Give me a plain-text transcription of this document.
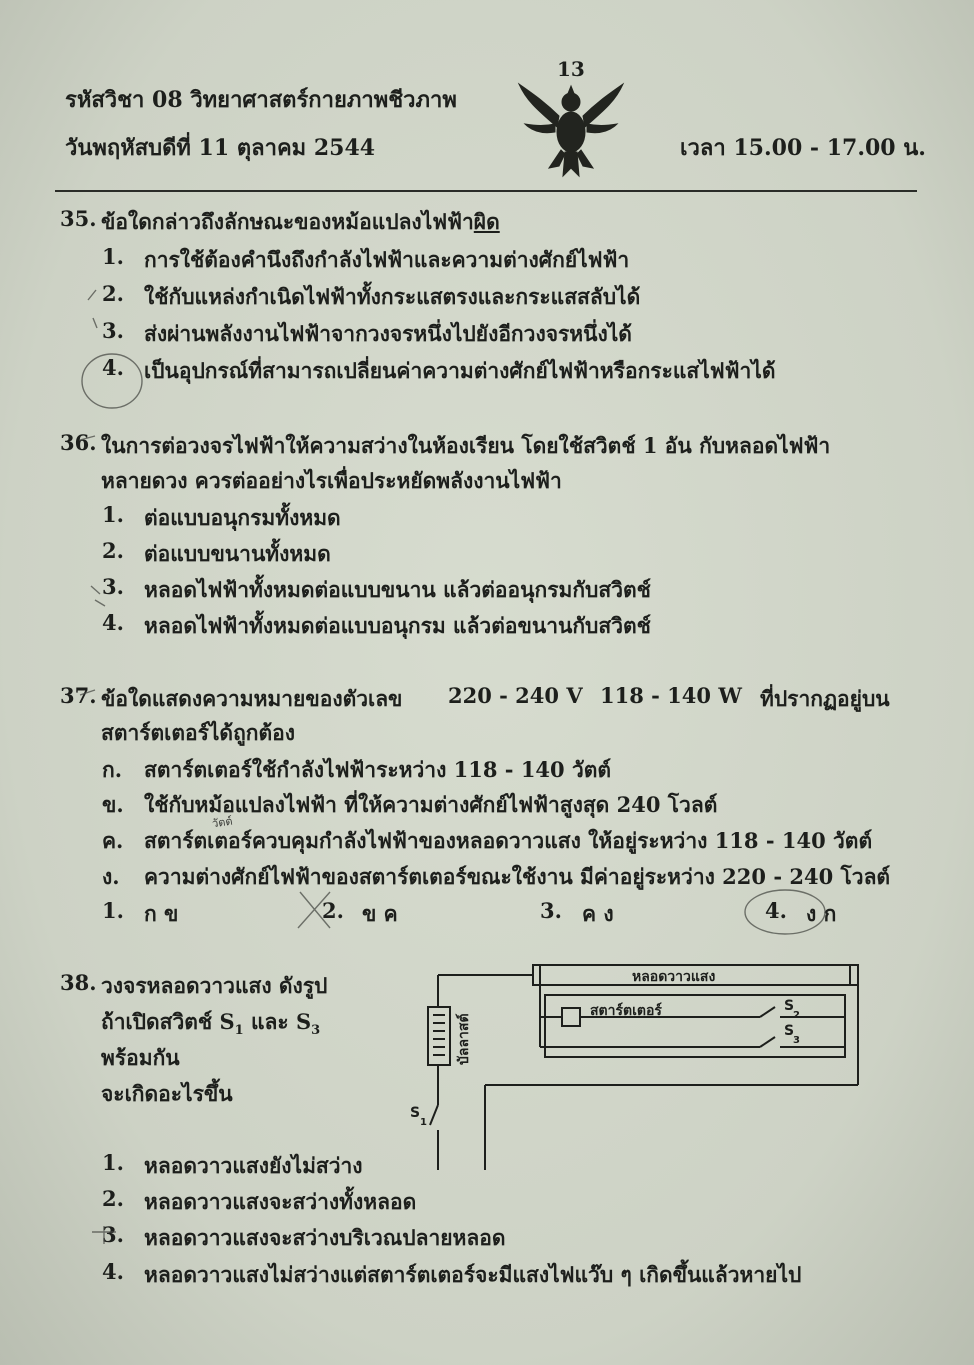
13
รหัสวิชา 08 วิทยาศาสตร์กายภาพชีวภาพ
วันพฤหัสบดีที่ 11 ตุลาคม 2544	เวลา 15.00 - 17.00 น.
35. ข้อใดกล่าวถึงลักษณะของหม้อแปลงไฟฟ้าผิด
1. การใช้ต้องคำนึงถึงกำลังไฟฟ้าและความต่างศักย์ไฟฟ้า
2. ใช้กับแหล่งกำเนิดไฟฟ้าทั้งกระแสตรงและกระแสสลับได้
3. ส่งผ่านพลังงานไฟฟ้าจากวงจรหนึ่งไปยังอีกวงจรหนึ่งได้
4. เป็นอุปกรณ์ที่สามารถเปลี่ยนค่าความต่างศักย์ไฟฟ้าหรือกระแสไฟฟ้าได้
36. ในการต่อวงจรไฟฟ้าให้ความสว่างในห้องเรียน โดยใช้สวิตช์ 1 อัน กับหลอดไฟฟ้า
หลายดวง ควรต่ออย่างไรเพื่อประหยัดพลังงานไฟฟ้า
1. ต่อแบบอนุกรมทั้งหมด
2. ต่อแบบขนานทั้งหมด
3. หลอดไฟฟ้าทั้งหมดต่อแบบขนาน แล้วต่ออนุกรมกับสวิตช์
4. หลอดไฟฟ้าทั้งหมดต่อแบบอนุกรม แล้วต่อขนานกับสวิตช์
37. ข้อใดแสดงความหมายของตัวเลข 220 - 240 V 118 - 140 W ที่ปรากฏอยู่บน
สตาร์ตเตอร์ได้ถูกต้อง
ก. สตาร์ตเตอร์ใช้กำลังไฟฟ้าระหว่าง 118 - 140 วัตต์
ข. ใช้กับหม้อแปลงไฟฟ้า ที่ให้ความต่างศักย์ไฟฟ้าสูงสุด 240 โวลต์
ค. สตาร์ตเตอร์ควบคุมกำลังไฟฟ้าของหลอดวาวแสง ให้อยู่ระหว่าง 118 - 140 วัตต์
ง. ความต่างศักย์ไฟฟ้าของสตาร์ตเตอร์ขณะใช้งาน มีค่าอยู่ระหว่าง 220 - 240 โวลต์
1. ก ข	2. ข ค	3. ค ง	4. ง ก
วัตต์
38. วงจรหลอดวาวแสง ดังรูป
ถ้าเปิดสวิตช์ $S_1$ และ $S_3$
พร้อมกัน
จะเกิดอะไรขึ้น
หลอดวาวแสง
สตาร์ตเตอร์
บัลลาสต์
S
1
S
2
S
3
1. หลอดวาวแสงยังไม่สว่าง
2. หลอดวาวแสงจะสว่างทั้งหลอด
3. หลอดวาวแสงจะสว่างบริเวณปลายหลอด
4. หลอดวาวแสงไม่สว่างแต่สตาร์ตเตอร์จะมีแสงไฟแว๊บ ๆ เกิดขึ้นแล้วหายไป
